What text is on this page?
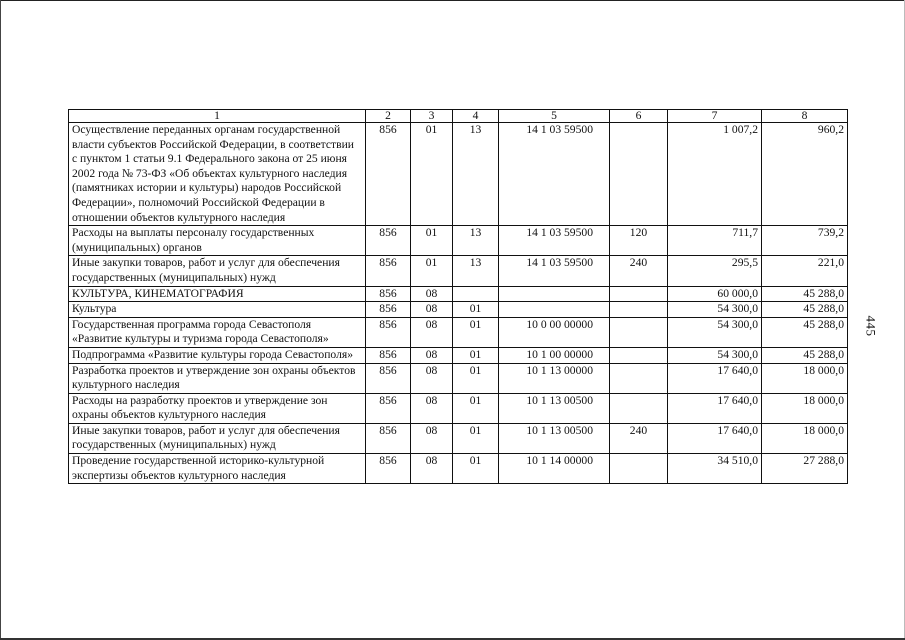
445
1	2	3	4	5	6	7	8
Осуществление переданных органам государственной власти субъектов Российской Федерации, в соответствии с пунктом 1 статьи 9.1 Федерального закона от 25 июня 2002 года № 73-ФЗ «Об объектах культурного наследия (памятниках истории и культуры) народов Российской Федерации», полномочий Российской Федерации в отношении объектов культурного наследия	856	01	13	14 1 03 59500		1 007,2	960,2
Расходы на выплаты персоналу государственных (муниципальных) органов	856	01	13	14 1 03 59500	120	711,7	739,2
Иные закупки товаров, работ и услуг для обеспечения государственных (муниципальных) нужд	856	01	13	14 1 03 59500	240	295,5	221,0
КУЛЬТУРА, КИНЕМАТОГРАФИЯ	856	08				60 000,0	45 288,0
Культура	856	08	01			54 300,0	45 288,0
Государственная программа города Севастополя «Развитие культуры и туризма города Севастополя»	856	08	01	10 0 00 00000		54 300,0	45 288,0
Подпрограмма «Развитие культуры города Севастополя»	856	08	01	10 1 00 00000		54 300,0	45 288,0
Разработка проектов и утверждение зон охраны объектов культурного наследия	856	08	01	10 1 13 00000		17 640,0	18 000,0
Расходы на разработку проектов и утверждение зон охраны объектов культурного наследия	856	08	01	10 1 13 00500		17 640,0	18 000,0
Иные закупки товаров, работ и услуг для обеспечения государственных (муниципальных) нужд	856	08	01	10 1 13 00500	240	17 640,0	18 000,0
Проведение государственной историко-культурной экспертизы объектов культурного наследия	856	08	01	10 1 14 00000		34 510,0	27 288,0
